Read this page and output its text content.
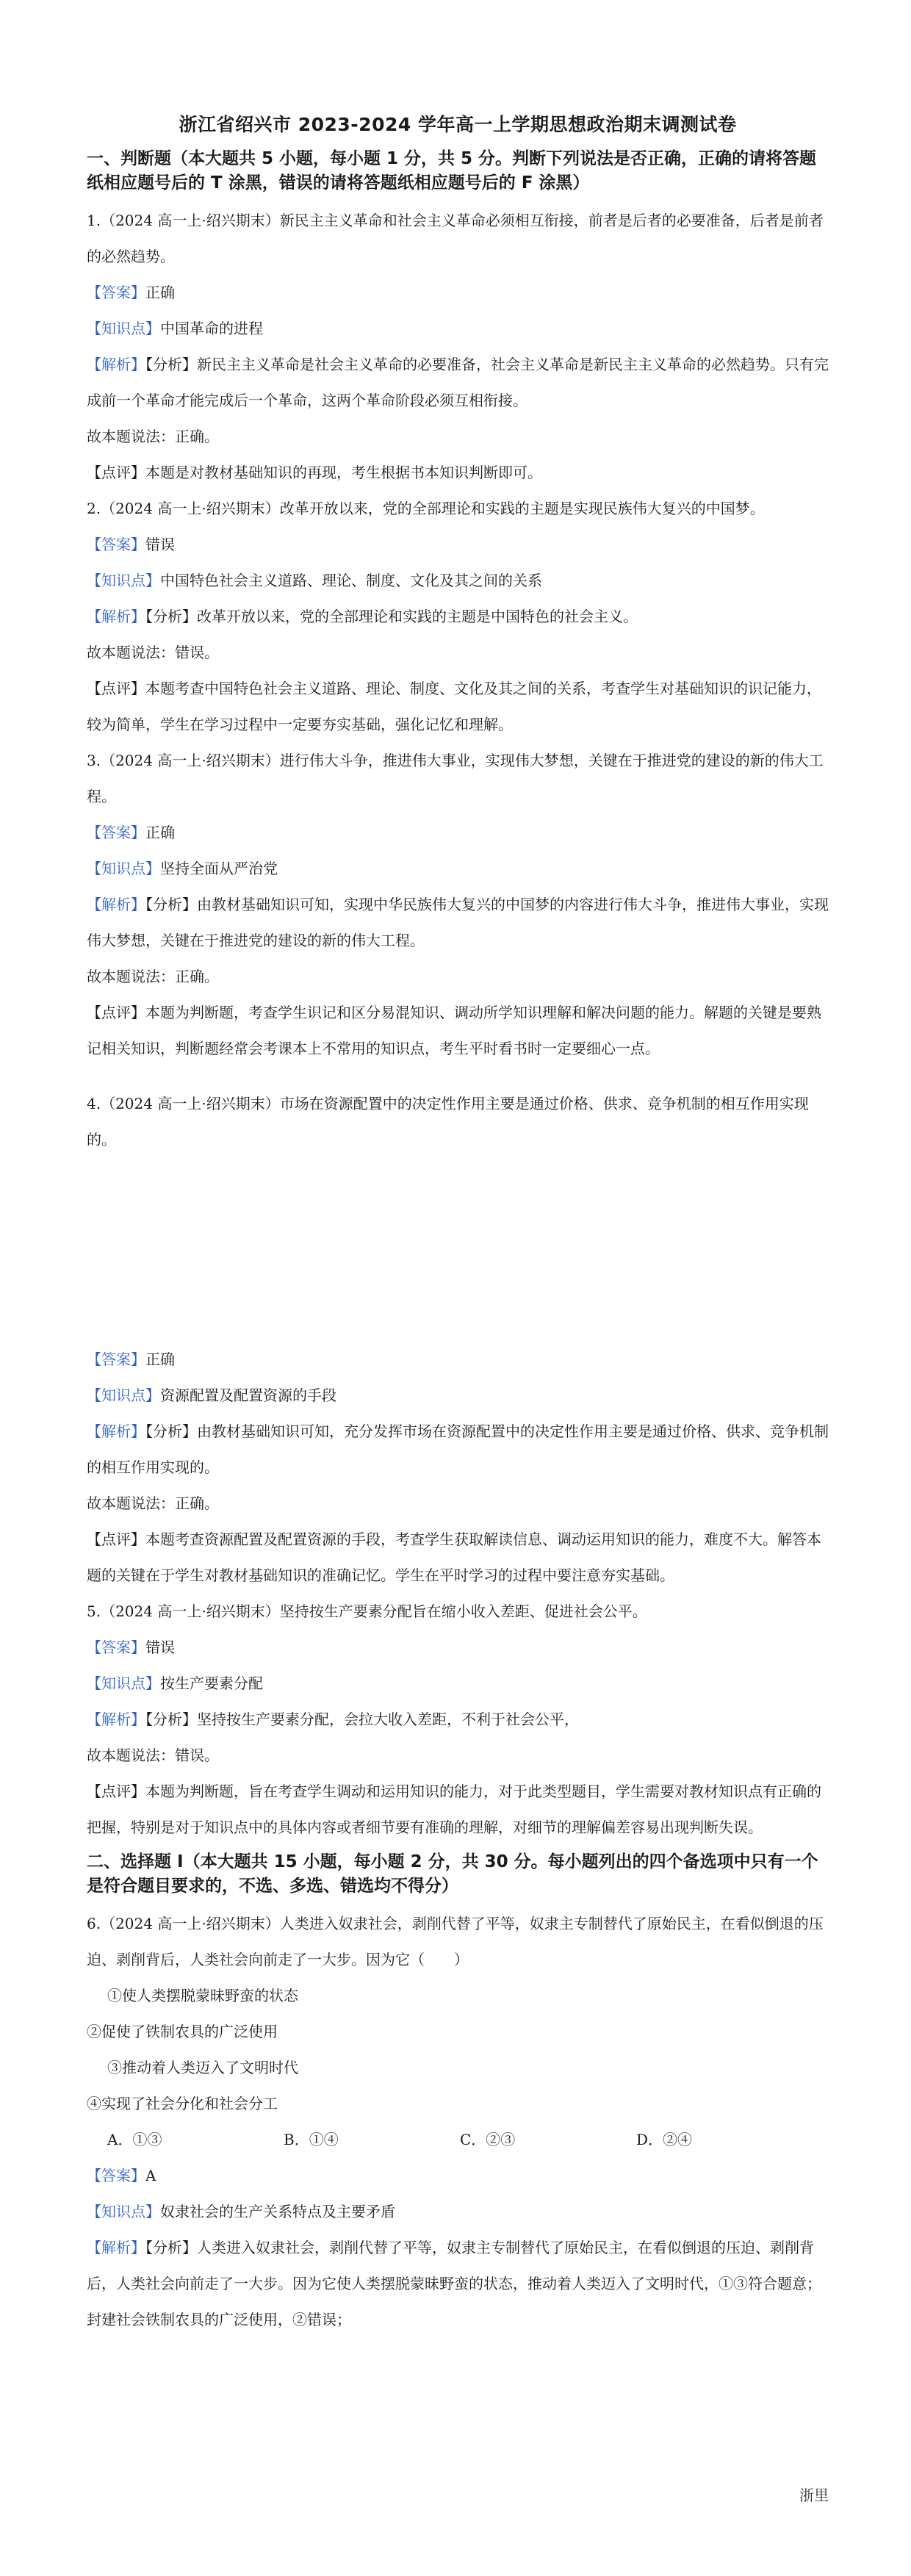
浙江省绍兴市 2023-2024 学年高一上学期思想政治期末调测试卷
一、判断题（本大题共 5 小题，每小题 1 分，共 5 分。判断下列说法是否正确，正确的请将答题纸相应题号后的 T 涂黑，错误的请将答题纸相应题号后的 F 涂黑）

1.（2024 高一上·绍兴期末）新民主主义革命和社会主义革命必须相互衔接，前者是后者的必要准备，后者是前者的必然趋势。

【答案】正确

【知识点】中国革命的进程

【解析】【分析】新民主主义革命是社会主义革命的必要准备，社会主义革命是新民主主义革命的必然趋势。只有完成前一个革命才能完成后一个革命，这两个革命阶段必须互相衔接。

故本题说法：正确。

【点评】本题是对教材基础知识的再现，考生根据书本知识判断即可。

2.（2024 高一上·绍兴期末）改革开放以来，党的全部理论和实践的主题是实现民族伟大复兴的中国梦。

【答案】错误

【知识点】中国特色社会主义道路、理论、制度、文化及其之间的关系

【解析】【分析】改革开放以来，党的全部理论和实践的主题是中国特色的社会主义。

故本题说法：错误。

【点评】本题考查中国特色社会主义道路、理论、制度、文化及其之间的关系，考查学生对基础知识的识记能力，较为简单，学生在学习过程中一定要夯实基础，强化记忆和理解。

3.（2024 高一上·绍兴期末）进行伟大斗争，推进伟大事业，实现伟大梦想，关键在于推进党的建设的新的伟大工程。

【答案】正确

【知识点】坚持全面从严治党

【解析】【分析】由教材基础知识可知，实现中华民族伟大复兴的中国梦的内容进行伟大斗争，推进伟大事业，实现伟大梦想，关键在于推进党的建设的新的伟大工程。

故本题说法：正确。

【点评】本题为判断题，考查学生识记和区分易混知识、调动所学知识理解和解决问题的能力。解题的关键是要熟记相关知识，判断题经常会考课本上不常用的知识点，考生平时看书时一定要细心一点。

4.（2024 高一上·绍兴期末）市场在资源配置中的决定性作用主要是通过价格、供求、竞争机制的相互作用实现的。

【答案】正确

【知识点】资源配置及配置资源的手段

【解析】【分析】由教材基础知识可知，充分发挥市场在资源配置中的决定性作用主要是通过价格、供求、竞争机制的相互作用实现的。

故本题说法：正确。

【点评】本题考查资源配置及配置资源的手段，考查学生获取解读信息、调动运用知识的能力，难度不大。解答本题的关键在于学生对教材基础知识的准确记忆。学生在平时学习的过程中要注意夯实基础。

5.（2024 高一上·绍兴期末）坚持按生产要素分配旨在缩小收入差距、促进社会公平。

【答案】错误

【知识点】按生产要素分配

【解析】【分析】坚持按生产要素分配，会拉大收入差距，不利于社会公平，

故本题说法：错误。

【点评】本题为判断题，旨在考查学生调动和运用知识的能力，对于此类型题目，学生需要对教材知识点有正确的把握，特别是对于知识点中的具体内容或者细节要有准确的理解，对细节的理解偏差容易出现判断失误。

二、选择题 I（本大题共 15 小题，每小题 2 分，共 30 分。每小题列出的四个备选项中只有一个是符合题目要求的，不选、多选、错选均不得分）

6.（2024 高一上·绍兴期末）人类进入奴隶社会，剥削代替了平等，奴隶主专制替代了原始民主，在看似倒退的压迫、剥削背后，人类社会向前走了一大步。因为它（　　）

①使人类摆脱蒙昧野蛮的状态

②促使了铁制农具的广泛使用

③推动着人类迈入了文明时代

④实现了社会分化和社会分工

A．①③	B．①④	C．②③	D．②④

【答案】A

【知识点】奴隶社会的生产关系特点及主要矛盾

【解析】【分析】人类进入奴隶社会，剥削代替了平等，奴隶主专制替代了原始民主，在看似倒退的压迫、剥削背后，人类社会向前走了一大步。因为它使人类摆脱蒙昧野蛮的状态，推动着人类迈入了文明时代，①③符合题意；

封建社会铁制农具的广泛使用，②错误；

浙里
